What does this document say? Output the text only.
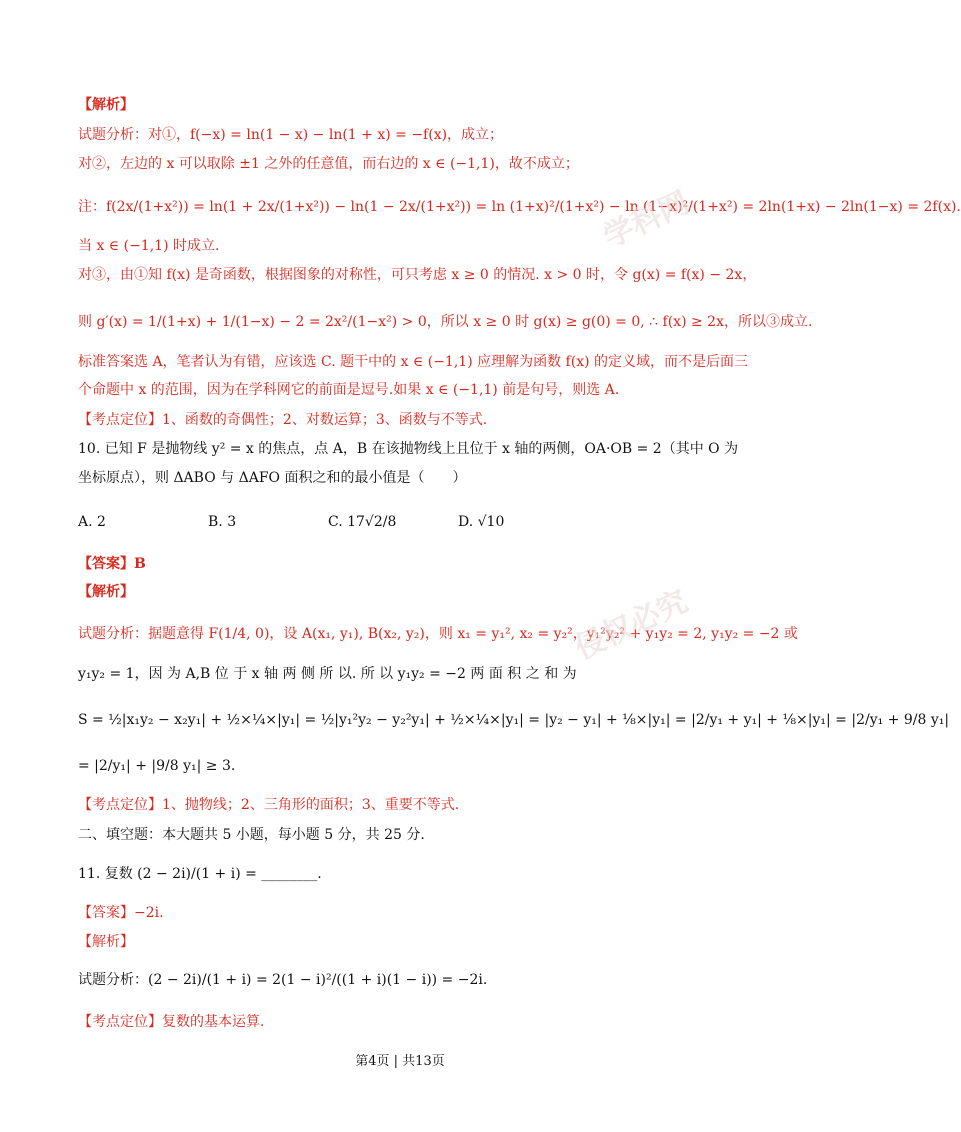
【解析】
试题分析：对①，f(−x) = ln(1 − x) − ln(1 + x) = −f(x)，成立；
对②，左边的 x 可以取除 ±1 之外的任意值，而右边的 x ∈ (−1,1)，故不成立；
注：f(2x/(1+x²)) = ln(1 + 2x/(1+x²)) − ln(1 − 2x/(1+x²)) = ln (1+x)²/(1+x²) − ln (1−x)²/(1+x²) = 2ln(1+x) − 2ln(1−x) = 2f(x).
当 x ∈ (−1,1) 时成立.
对③，由①知 f(x) 是奇函数，根据图象的对称性，可只考虑 x ≥ 0 的情况. x > 0 时，令 g(x) = f(x) − 2x，
则 g′(x) = 1/(1+x) + 1/(1−x) − 2 = 2x²/(1−x²) > 0，所以 x ≥ 0 时 g(x) ≥ g(0) = 0, ∴ f(x) ≥ 2x，所以③成立.
标准答案选 A，笔者认为有错，应该选 C. 题干中的 x ∈ (−1,1) 应理解为函数 f(x) 的定义域，而不是后面三
个命题中 x 的范围，因为在学科网它的前面是逗号.如果 x ∈ (−1,1) 前是句号，则选 A.
【考点定位】1、函数的奇偶性；2、对数运算；3、函数与不等式.
10. 已知 F 是抛物线 y² = x 的焦点，点 A，B 在该抛物线上且位于 x 轴的两侧，OA·OB = 2（其中 O 为
坐标原点），则 ΔABO 与 ΔAFO 面积之和的最小值是（　　）
【答案】B
【解析】
试题分析：据题意得 F(1/4, 0)，设 A(x₁, y₁), B(x₂, y₂)，则 x₁ = y₁², x₂ = y₂²，y₁²y₂² + y₁y₂ = 2, y₁y₂ = −2 或
y₁y₂ = 1，因 为 A,B 位 于 x 轴 两 侧 所 以. 所 以 y₁y₂ = −2 两 面 积 之 和 为
S = ½|x₁y₂ − x₂y₁| + ½×¼×|y₁| = ½|y₁²y₂ − y₂²y₁| + ½×¼×|y₁| = |y₂ − y₁| + ⅛×|y₁| = |2/y₁ + y₁| + ⅛×|y₁| = |2/y₁ + 9/8 y₁|
= |2/y₁| + |9/8 y₁| ≥ 3.
【考点定位】1、抛物线；2、三角形的面积；3、重要不等式.
二、填空题：本大题共 5 小题，每小题 5 分，共 25 分.
11. 复数 (2 − 2i)/(1 + i) = ________.
【答案】−2i.
【解析】
试题分析：(2 − 2i)/(1 + i) = 2(1 − i)²/((1 + i)(1 − i)) = −2i.
【考点定位】复数的基本运算.
A. 2	B. 3	C. 17√2/8	D. √10
学科网
侵权必究
第4页 | 共13页
